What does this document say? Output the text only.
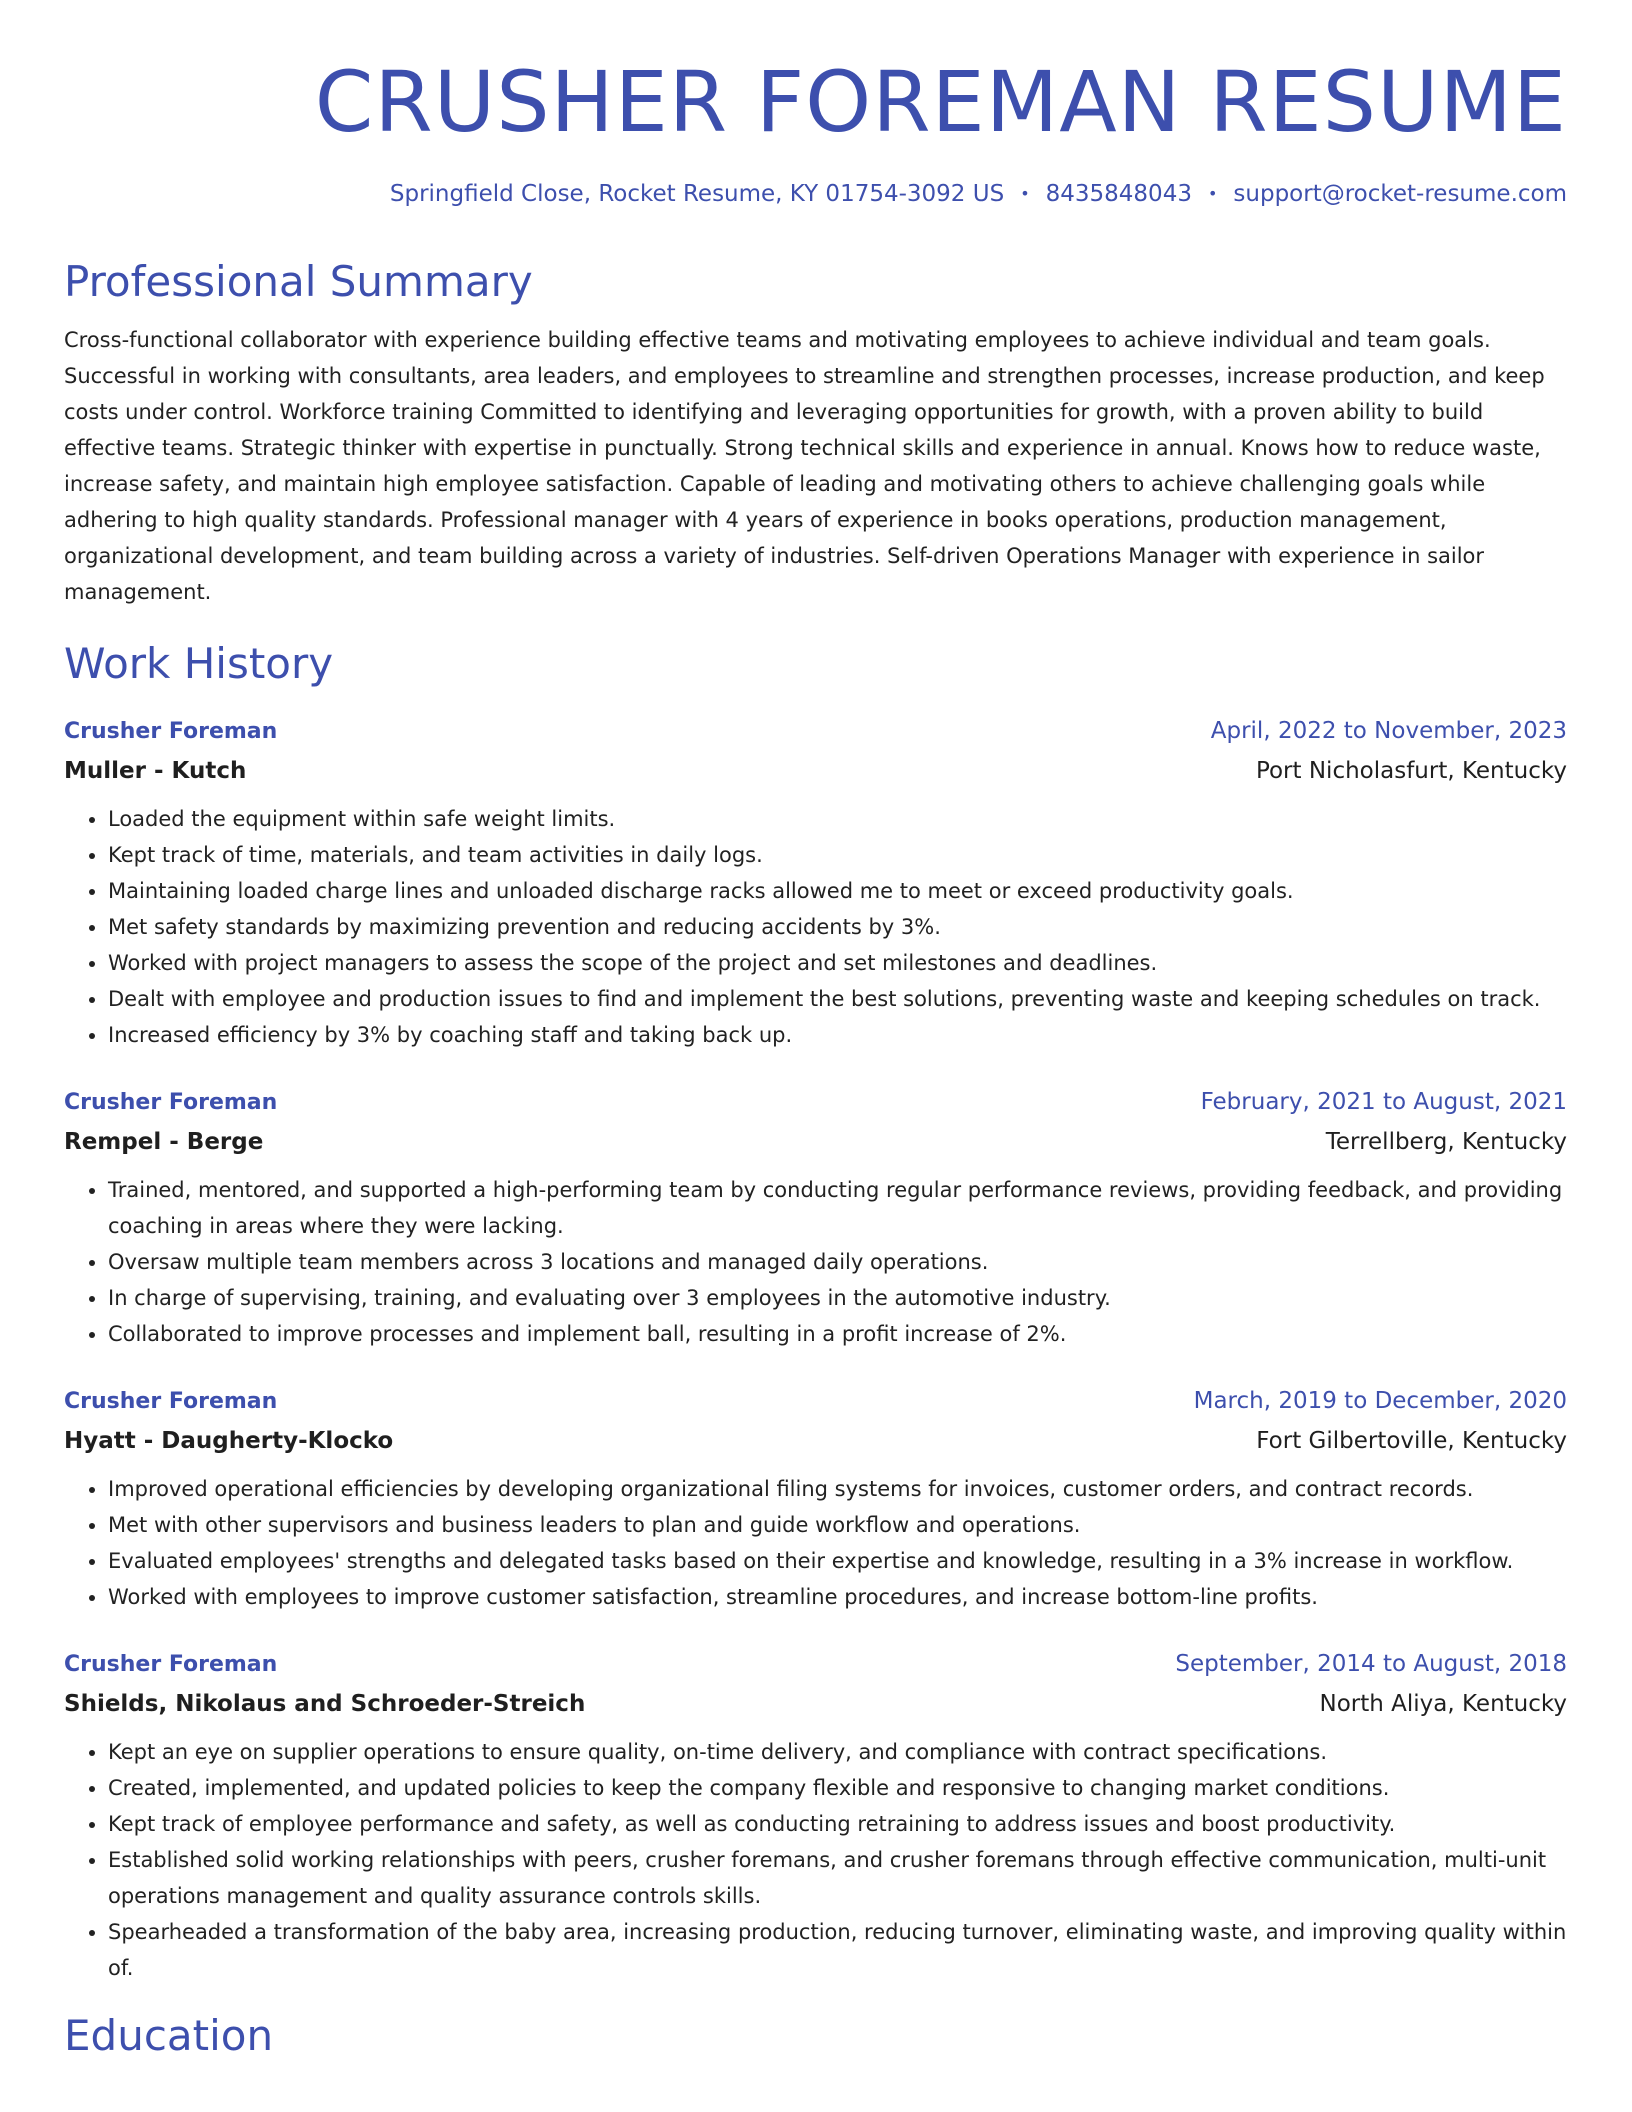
CRUSHER FOREMAN RESUME
Springfield Close, Rocket Resume, KY 01754-3092 US • 8435848043 • support@rocket-resume.com
Professional Summary
Cross-functional collaborator with experience building effective teams and motivating employees to achieve individual and team goals. Successful in working with consultants, area leaders, and employees to streamline and strengthen processes, increase production, and keep costs under control. Workforce training Committed to identifying and leveraging opportunities for growth, with a proven ability to build effective teams. Strategic thinker with expertise in punctually. Strong technical skills and experience in annual. Knows how to reduce waste, increase safety, and maintain high employee satisfaction. Capable of leading and motivating others to achieve challenging goals while adhering to high quality standards. Professional manager with 4 years of experience in books operations, production management, organizational development, and team building across a variety of industries. Self-driven Operations Manager with experience in sailor management.
Work History
Crusher Foreman	April, 2022 to November, 2023
Muller - Kutch	Port Nicholasfurt, Kentucky
• Loaded the equipment within safe weight limits.
• Kept track of time, materials, and team activities in daily logs.
• Maintaining loaded charge lines and unloaded discharge racks allowed me to meet or exceed productivity goals.
• Met safety standards by maximizing prevention and reducing accidents by 3%.
• Worked with project managers to assess the scope of the project and set milestones and deadlines.
• Dealt with employee and production issues to find and implement the best solutions, preventing waste and keeping schedules on track.
• Increased efficiency by 3% by coaching staff and taking back up.
Crusher Foreman	February, 2021 to August, 2021
Rempel - Berge	Terrellberg, Kentucky
• Trained, mentored, and supported a high-performing team by conducting regular performance reviews, providing feedback, and providing coaching in areas where they were lacking.
• Oversaw multiple team members across 3 locations and managed daily operations.
• In charge of supervising, training, and evaluating over 3 employees in the automotive industry.
• Collaborated to improve processes and implement ball, resulting in a profit increase of 2%.
Crusher Foreman	March, 2019 to December, 2020
Hyatt - Daugherty-Klocko	Fort Gilbertoville, Kentucky
• Improved operational efficiencies by developing organizational filing systems for invoices, customer orders, and contract records.
• Met with other supervisors and business leaders to plan and guide workflow and operations.
• Evaluated employees' strengths and delegated tasks based on their expertise and knowledge, resulting in a 3% increase in workflow.
• Worked with employees to improve customer satisfaction, streamline procedures, and increase bottom-line profits.
Crusher Foreman	September, 2014 to August, 2018
Shields, Nikolaus and Schroeder-Streich	North Aliya, Kentucky
• Kept an eye on supplier operations to ensure quality, on-time delivery, and compliance with contract specifications.
• Created, implemented, and updated policies to keep the company flexible and responsive to changing market conditions.
• Kept track of employee performance and safety, as well as conducting retraining to address issues and boost productivity.
• Established solid working relationships with peers, crusher foremans, and crusher foremans through effective communication, multi-unit operations management and quality assurance controls skills.
• Spearheaded a transformation of the baby area, increasing production, reducing turnover, eliminating waste, and improving quality within of.
Education
